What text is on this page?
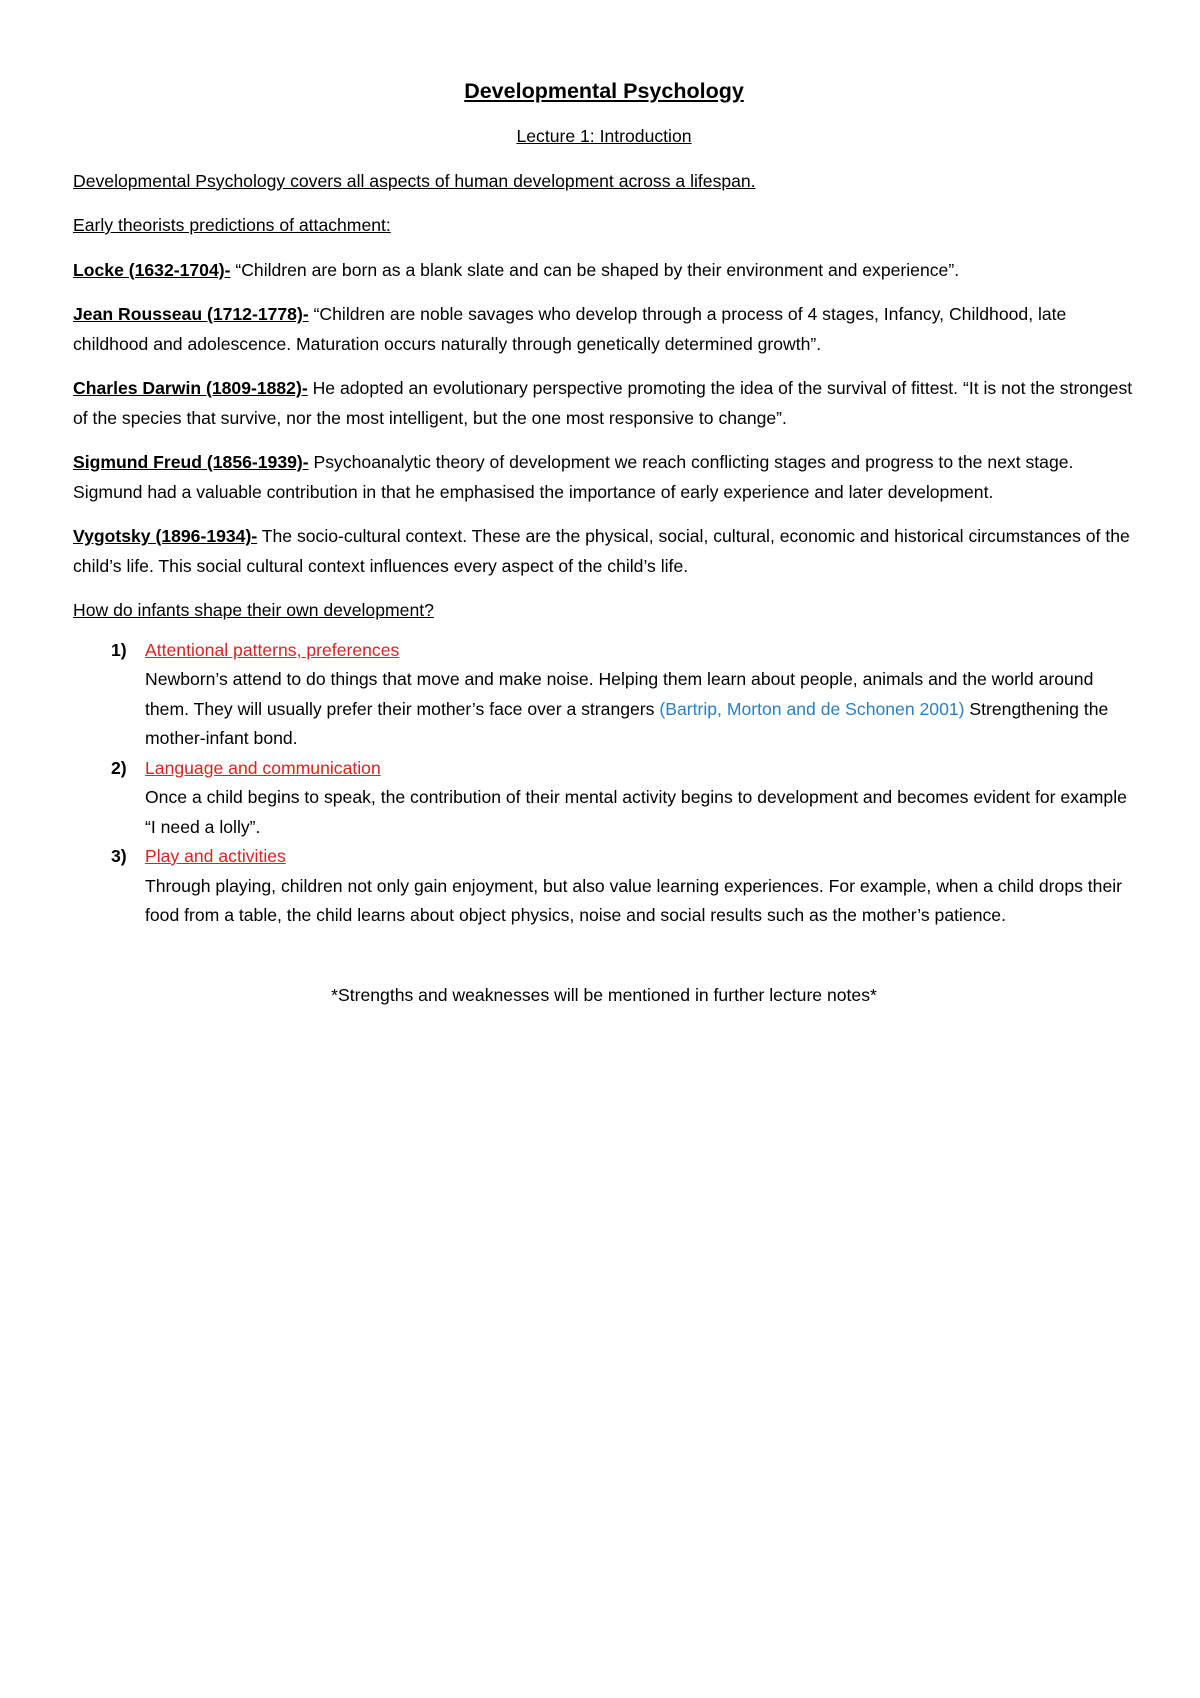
Developmental Psychology
Lecture 1: Introduction

Developmental Psychology covers all aspects of human development across a lifespan.

Early theorists predictions of attachment:

Locke (1632-1704)- “Children are born as a blank slate and can be shaped by their environment and experience”.

Jean Rousseau (1712-1778)- “Children are noble savages who develop through a process of 4 stages, Infancy, Childhood, late childhood and adolescence. Maturation occurs naturally through genetically determined growth”.

Charles Darwin (1809-1882)- He adopted an evolutionary perspective promoting the idea of the survival of fittest. “It is not the strongest of the species that survive, nor the most intelligent, but the one most responsive to change”.

Sigmund Freud (1856-1939)- Psychoanalytic theory of development we reach conflicting stages and progress to the next stage. Sigmund had a valuable contribution in that he emphasised the importance of early experience and later development.

Vygotsky (1896-1934)- The socio-cultural context. These are the physical, social, cultural, economic and historical circumstances of the child’s life. This social cultural context influences every aspect of the child’s life.

How do infants shape their own development?

1) Attentional patterns, preferences
Newborn’s attend to do things that move and make noise. Helping them learn about people, animals and the world around them. They will usually prefer their mother’s face over a strangers (Bartrip, Morton and de Schonen 2001) Strengthening the mother-infant bond.
2) Language and communication
Once a child begins to speak, the contribution of their mental activity begins to development and becomes evident for example “I need a lolly”.
3) Play and activities
Through playing, children not only gain enjoyment, but also value learning experiences. For example, when a child drops their food from a table, the child learns about object physics, noise and social results such as the mother’s patience.
*Strengths and weaknesses will be mentioned in further lecture notes*
